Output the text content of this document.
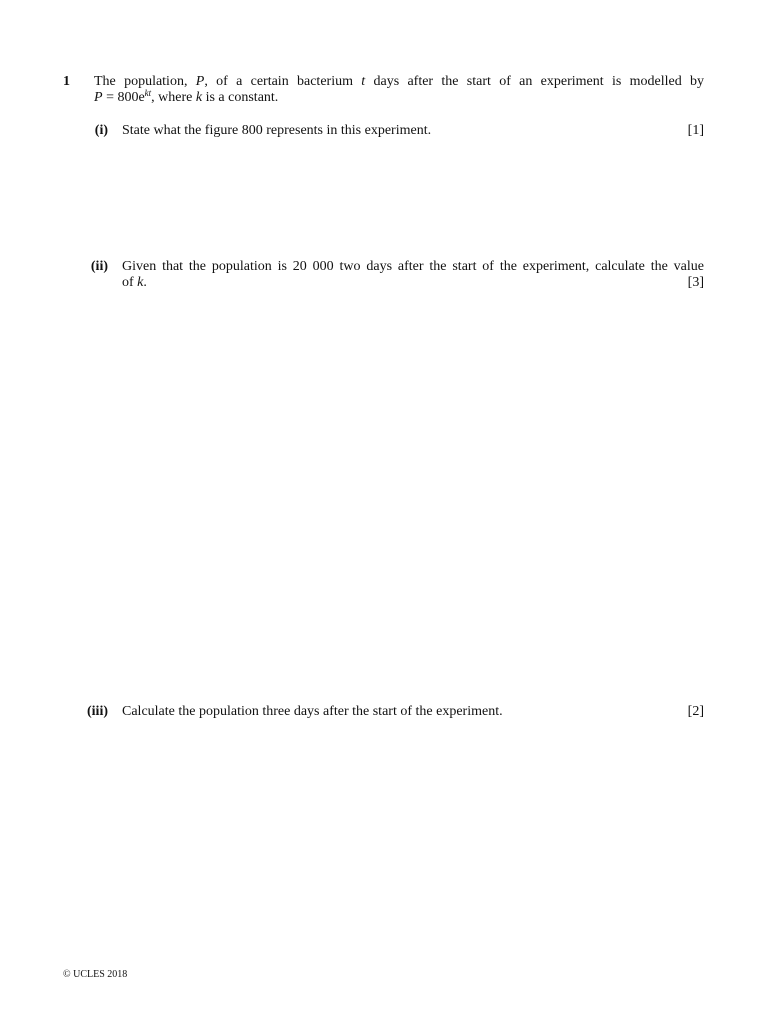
1 The population, P, of a certain bacterium t days after the start of an experiment is modelled by
$P = 800e^{kt}$, where k is a constant.
(i) State what the figure 800 represents in this experiment.	[1]
(ii) Given that the population is 20 000 two days after the start of the experiment, calculate the value
of k.	[3]
(iii) Calculate the population three days after the start of the experiment.	[2]
© UCLES 2018
